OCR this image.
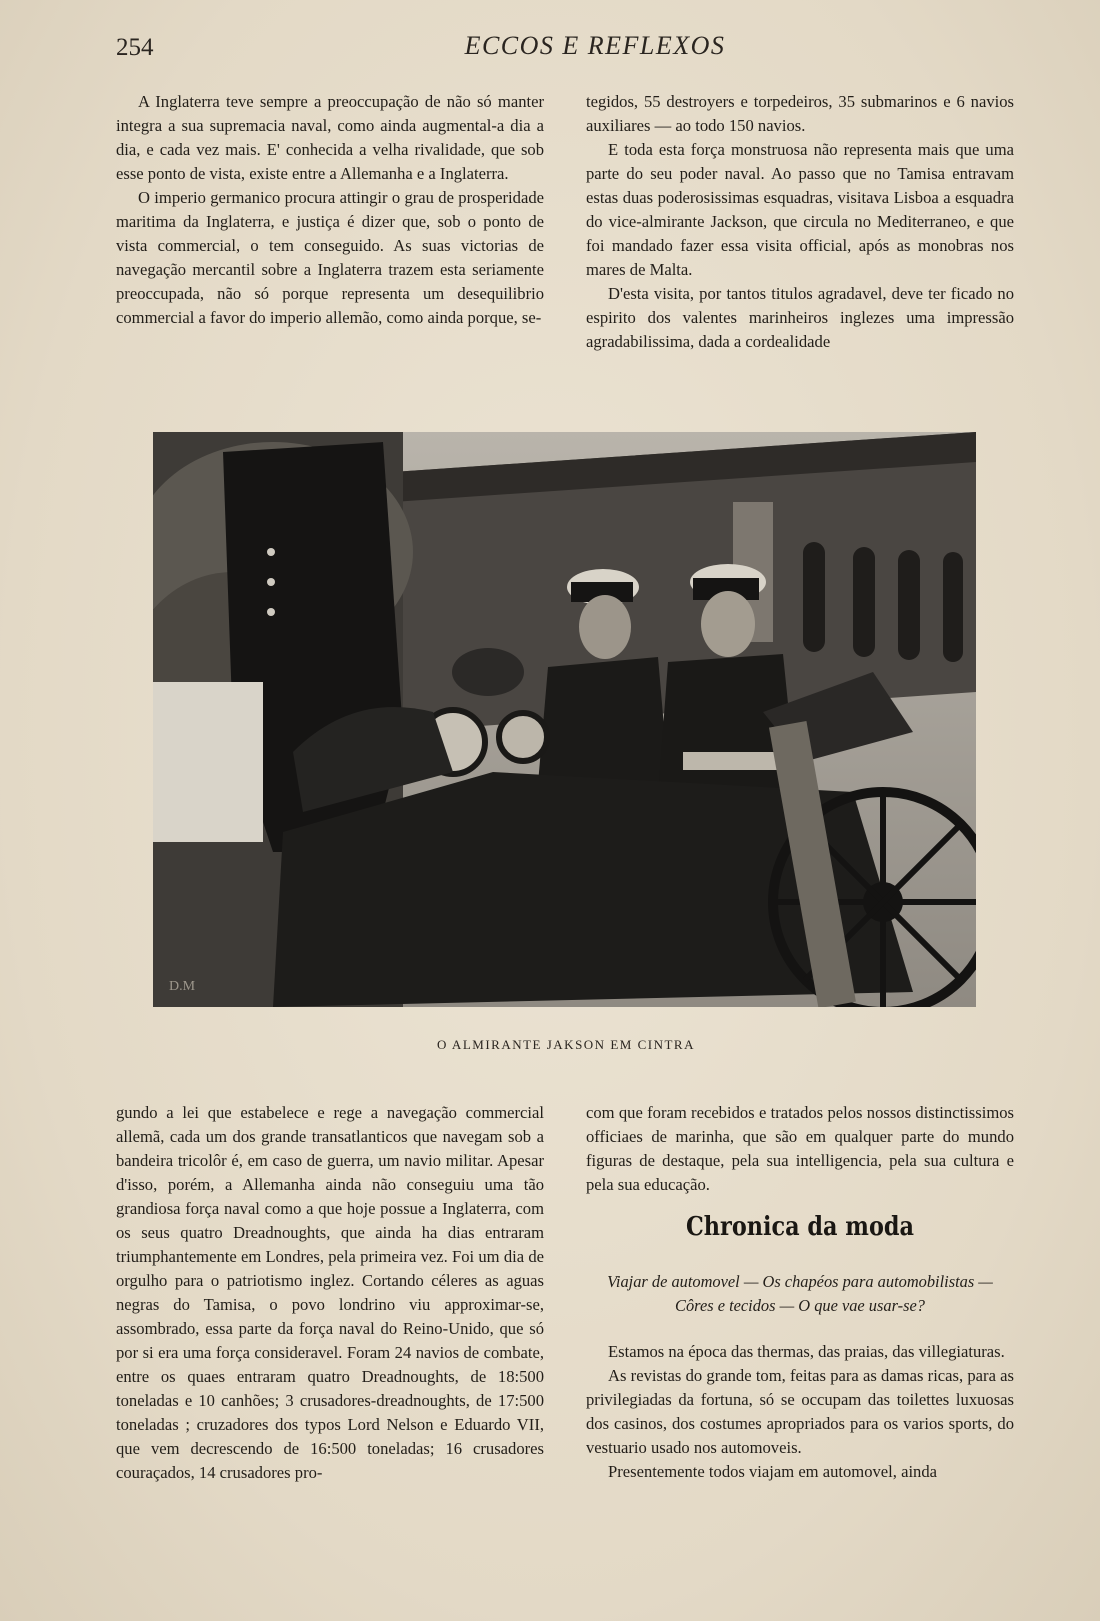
254	ECCOS E REFLEXOS

A Inglaterra teve sempre a preoccupação de não só manter integra a sua supremacia naval, como ainda augmental-a dia a dia, e cada vez mais. E' conhecida a velha rivalidade, que sob esse ponto de vista, existe entre a Allemanha e a Inglaterra.

O imperio germanico procura attingir o grau de prosperidade maritima da Inglaterra, e justiça é dizer que, sob o ponto de vista commercial, o tem conseguido. As suas victorias de navegação mercantil sobre a Inglaterra trazem esta seriamente preoccupada, não só porque representa um desequilibrio commercial a favor do imperio allemão, como ainda porque, se-

tegidos, 55 destroyers e torpedeiros, 35 submarinos e 6 navios auxiliares — ao todo 150 navios.

E toda esta força monstruosa não representa mais que uma parte do seu poder naval. Ao passo que no Tamisa entravam estas duas poderosissimas esquadras, visitava Lisboa a esquadra do vice-almirante Jackson, que circula no Mediterraneo, e que foi mandado fazer essa visita official, após as monobras nos mares de Malta.

D'esta visita, por tantos titulos agradavel, deve ter ficado no espirito dos valentes marinheiros inglezes uma impressão agradabilissima, dada a cordealidade

D.M
O ALMIRANTE JAKSON EM CINTRA

gundo a lei que estabelece e rege a navegação commercial allemã, cada um dos grande transatlanticos que navegam sob a bandeira tricolôr é, em caso de guerra, um navio militar. Apesar d'isso, porém, a Allemanha ainda não conseguiu uma tão grandiosa força naval como a que hoje possue a Inglaterra, com os seus quatro Dreadnoughts, que ainda ha dias entraram triumphantemente em Londres, pela primeira vez. Foi um dia de orgulho para o patriotismo inglez. Cortando céleres as aguas negras do Tamisa, o povo londrino viu approximar-se, assombrado, essa parte da força naval do Reino-Unido, que só por si era uma força consideravel. Foram 24 navios de combate, entre os quaes entraram quatro Dreadnoughts, de 18:500 toneladas e 10 canhões; 3 crusadores-dreadnoughts, de 17:500 toneladas ; cruzadores dos typos Lord Nelson e Eduardo VII, que vem decrescendo de 16:500 toneladas; 16 crusadores couraçados, 14 crusadores pro-

com que foram recebidos e tratados pelos nossos distinctissimos officiaes de marinha, que são em qualquer parte do mundo figuras de destaque, pela sua intelligencia, pela sua cultura e pela sua educação.

Chronica da moda
Viajar de automovel — Os chapéos para automobilistas — Côres e tecidos — O que vae usar-se?

Estamos na época das thermas, das praias, das villegiaturas.

As revistas do grande tom, feitas para as damas ricas, para as privilegiadas da fortuna, só se occupam das toilettes luxuosas dos casinos, dos costumes apropriados para os varios sports, do vestuario usado nos automoveis.

Presentemente todos viajam em automovel, ainda
